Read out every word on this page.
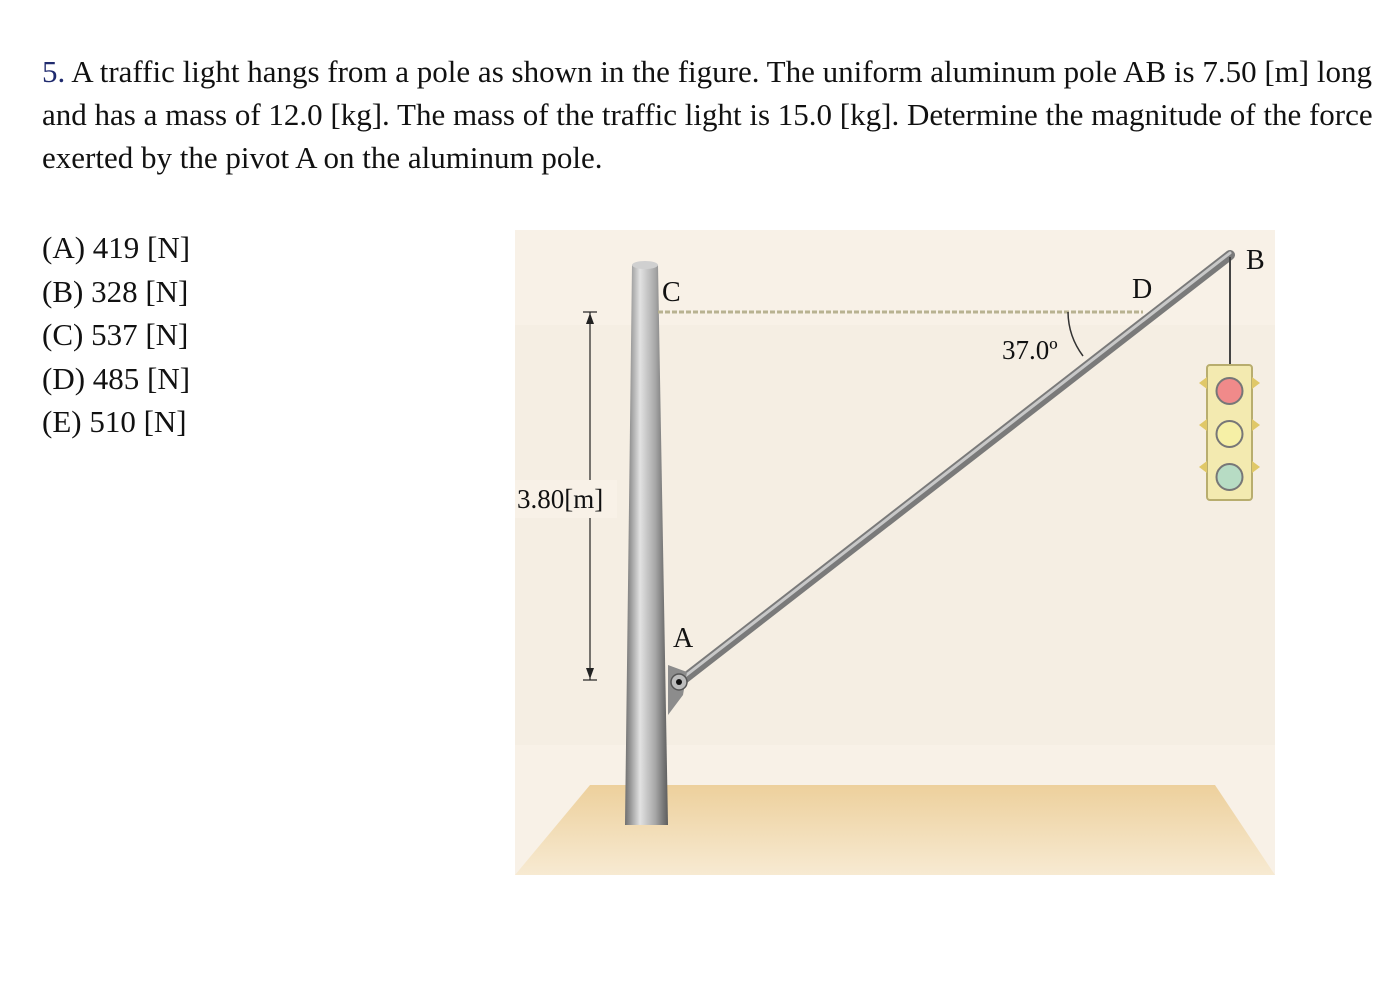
5. A traffic light hangs from a pole as shown in the figure. The uniform aluminum pole AB is 7.50 [m] long and has a mass of 12.0 [kg]. The mass of the traffic light is 15.0 [kg]. Determine the magnitude of the force exerted by the pivot A on the aluminum pole.

(A) 419 [N]
(B) 328 [N]
(C) 537 [N]
(D) 485 [N]
(E) 510 [N]
C
A
B
D
37.0º
3.80[m]
